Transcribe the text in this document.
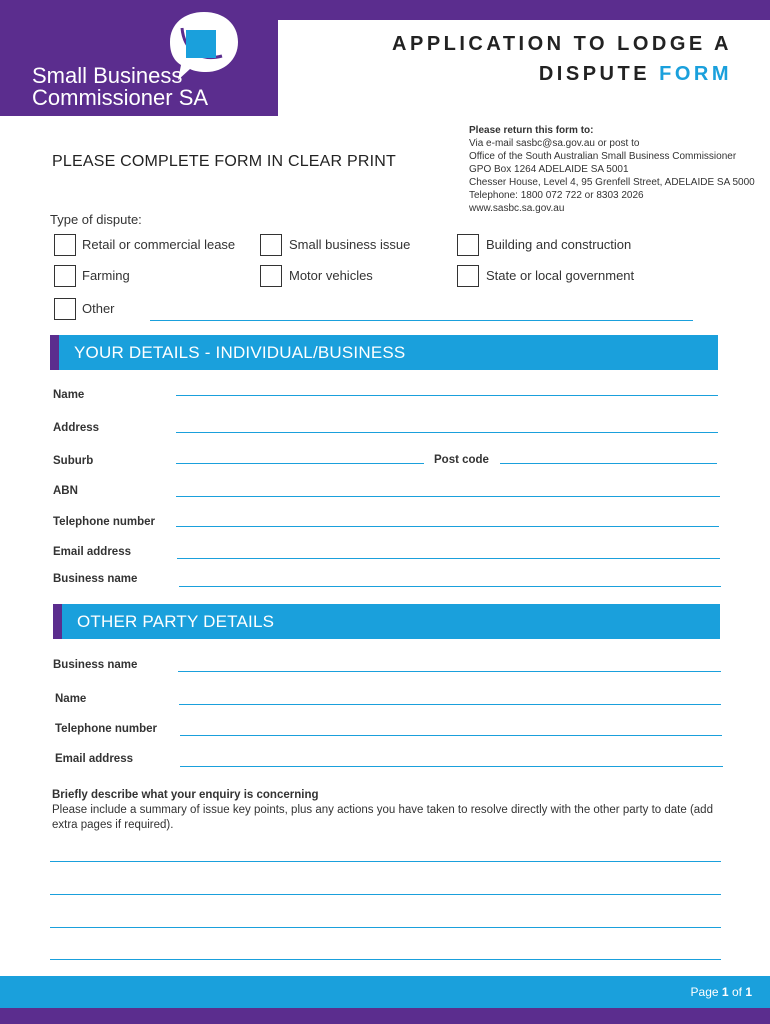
Small Business
Commissioner SA
APPLICATION TO LODGE A
DISPUTE FORM
PLEASE COMPLETE FORM IN CLEAR PRINT
Please return this form to:
Via e-mail sasbc@sa.gov.au or post to
Office of the South Australian Small Business Commissioner
GPO Box 1264 ADELAIDE SA 5001
Chesser House, Level 4, 95 Grenfell Street, ADELAIDE SA 5000
Telephone: 1800 072 722 or 8303 2026
www.sasbc.sa.gov.au
Type of dispute:
Retail or commercial lease	Small business issue	Building and construction
Farming	Motor vehicles	State or local government
Other
YOUR DETAILS - INDIVIDUAL/BUSINESS
Name
Address
Suburb	Post code
ABN
Telephone number
Email address
Business name
OTHER PARTY DETAILS
Business name
Name
Telephone number
Email address
Briefly describe what your enquiry is concerning
Please include a summary of issue key points, plus any actions you have taken to resolve directly with the other party to date (add extra pages if required).
Page 1 of 1
